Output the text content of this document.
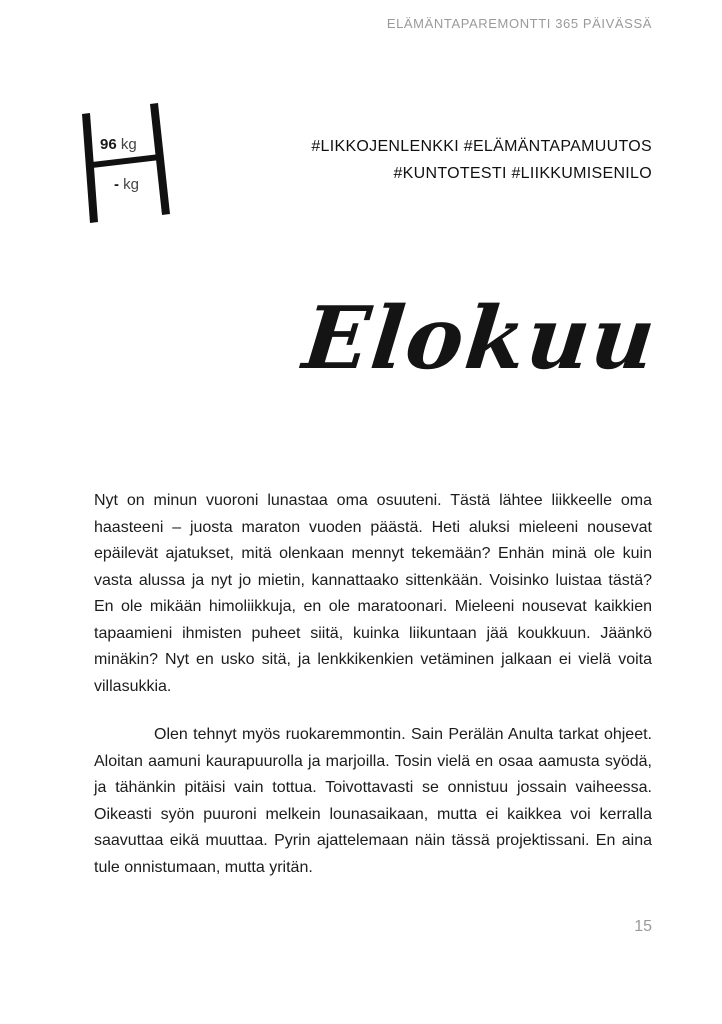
ELÄMÄNTAPAREMONTTI 365 PÄIVÄSSÄ
96 kg
- kg
#LIKKOJENLENKKI #ELÄMÄNTAPAMUUTOS
#KUNTOTESTI #LIIKKUMISENILO
Elokuu

Nyt on minun vuoroni lunastaa oma osuuteni. Tästä lähtee liikkeelle oma haasteeni – juosta maraton vuoden päästä. Heti aluksi mieleeni nousevat epäilevät ajatukset, mitä olenkaan mennyt tekemään? Enhän minä ole kuin vasta alussa ja nyt jo mietin, kannattaako sittenkään. Voisinko luistaa tästä? En ole mikään himoliikkuja, en ole maratoonari. Mieleeni nousevat kaikkien tapaamieni ihmisten puheet siitä, kuinka liikuntaan jää koukkuun. Jäänkö minäkin? Nyt en usko sitä, ja lenkkikenkien vetäminen jalkaan ei vielä voita villasukkia.

Olen tehnyt myös ruokaremmontin. Sain Perälän Anulta tarkat ohjeet. Aloitan aamuni kaurapuurolla ja marjoilla. Tosin vielä en osaa aamusta syödä, ja tähänkin pitäisi vain tottua. Toivottavasti se onnistuu jossain vaiheessa. Oikeasti syön puuroni melkein lounasaikaan, mutta ei kaikkea voi kerralla saavuttaa eikä muuttaa. Pyrin ajattelemaan näin tässä projektissani. En aina tule onnistumaan, mutta yritän.

15
